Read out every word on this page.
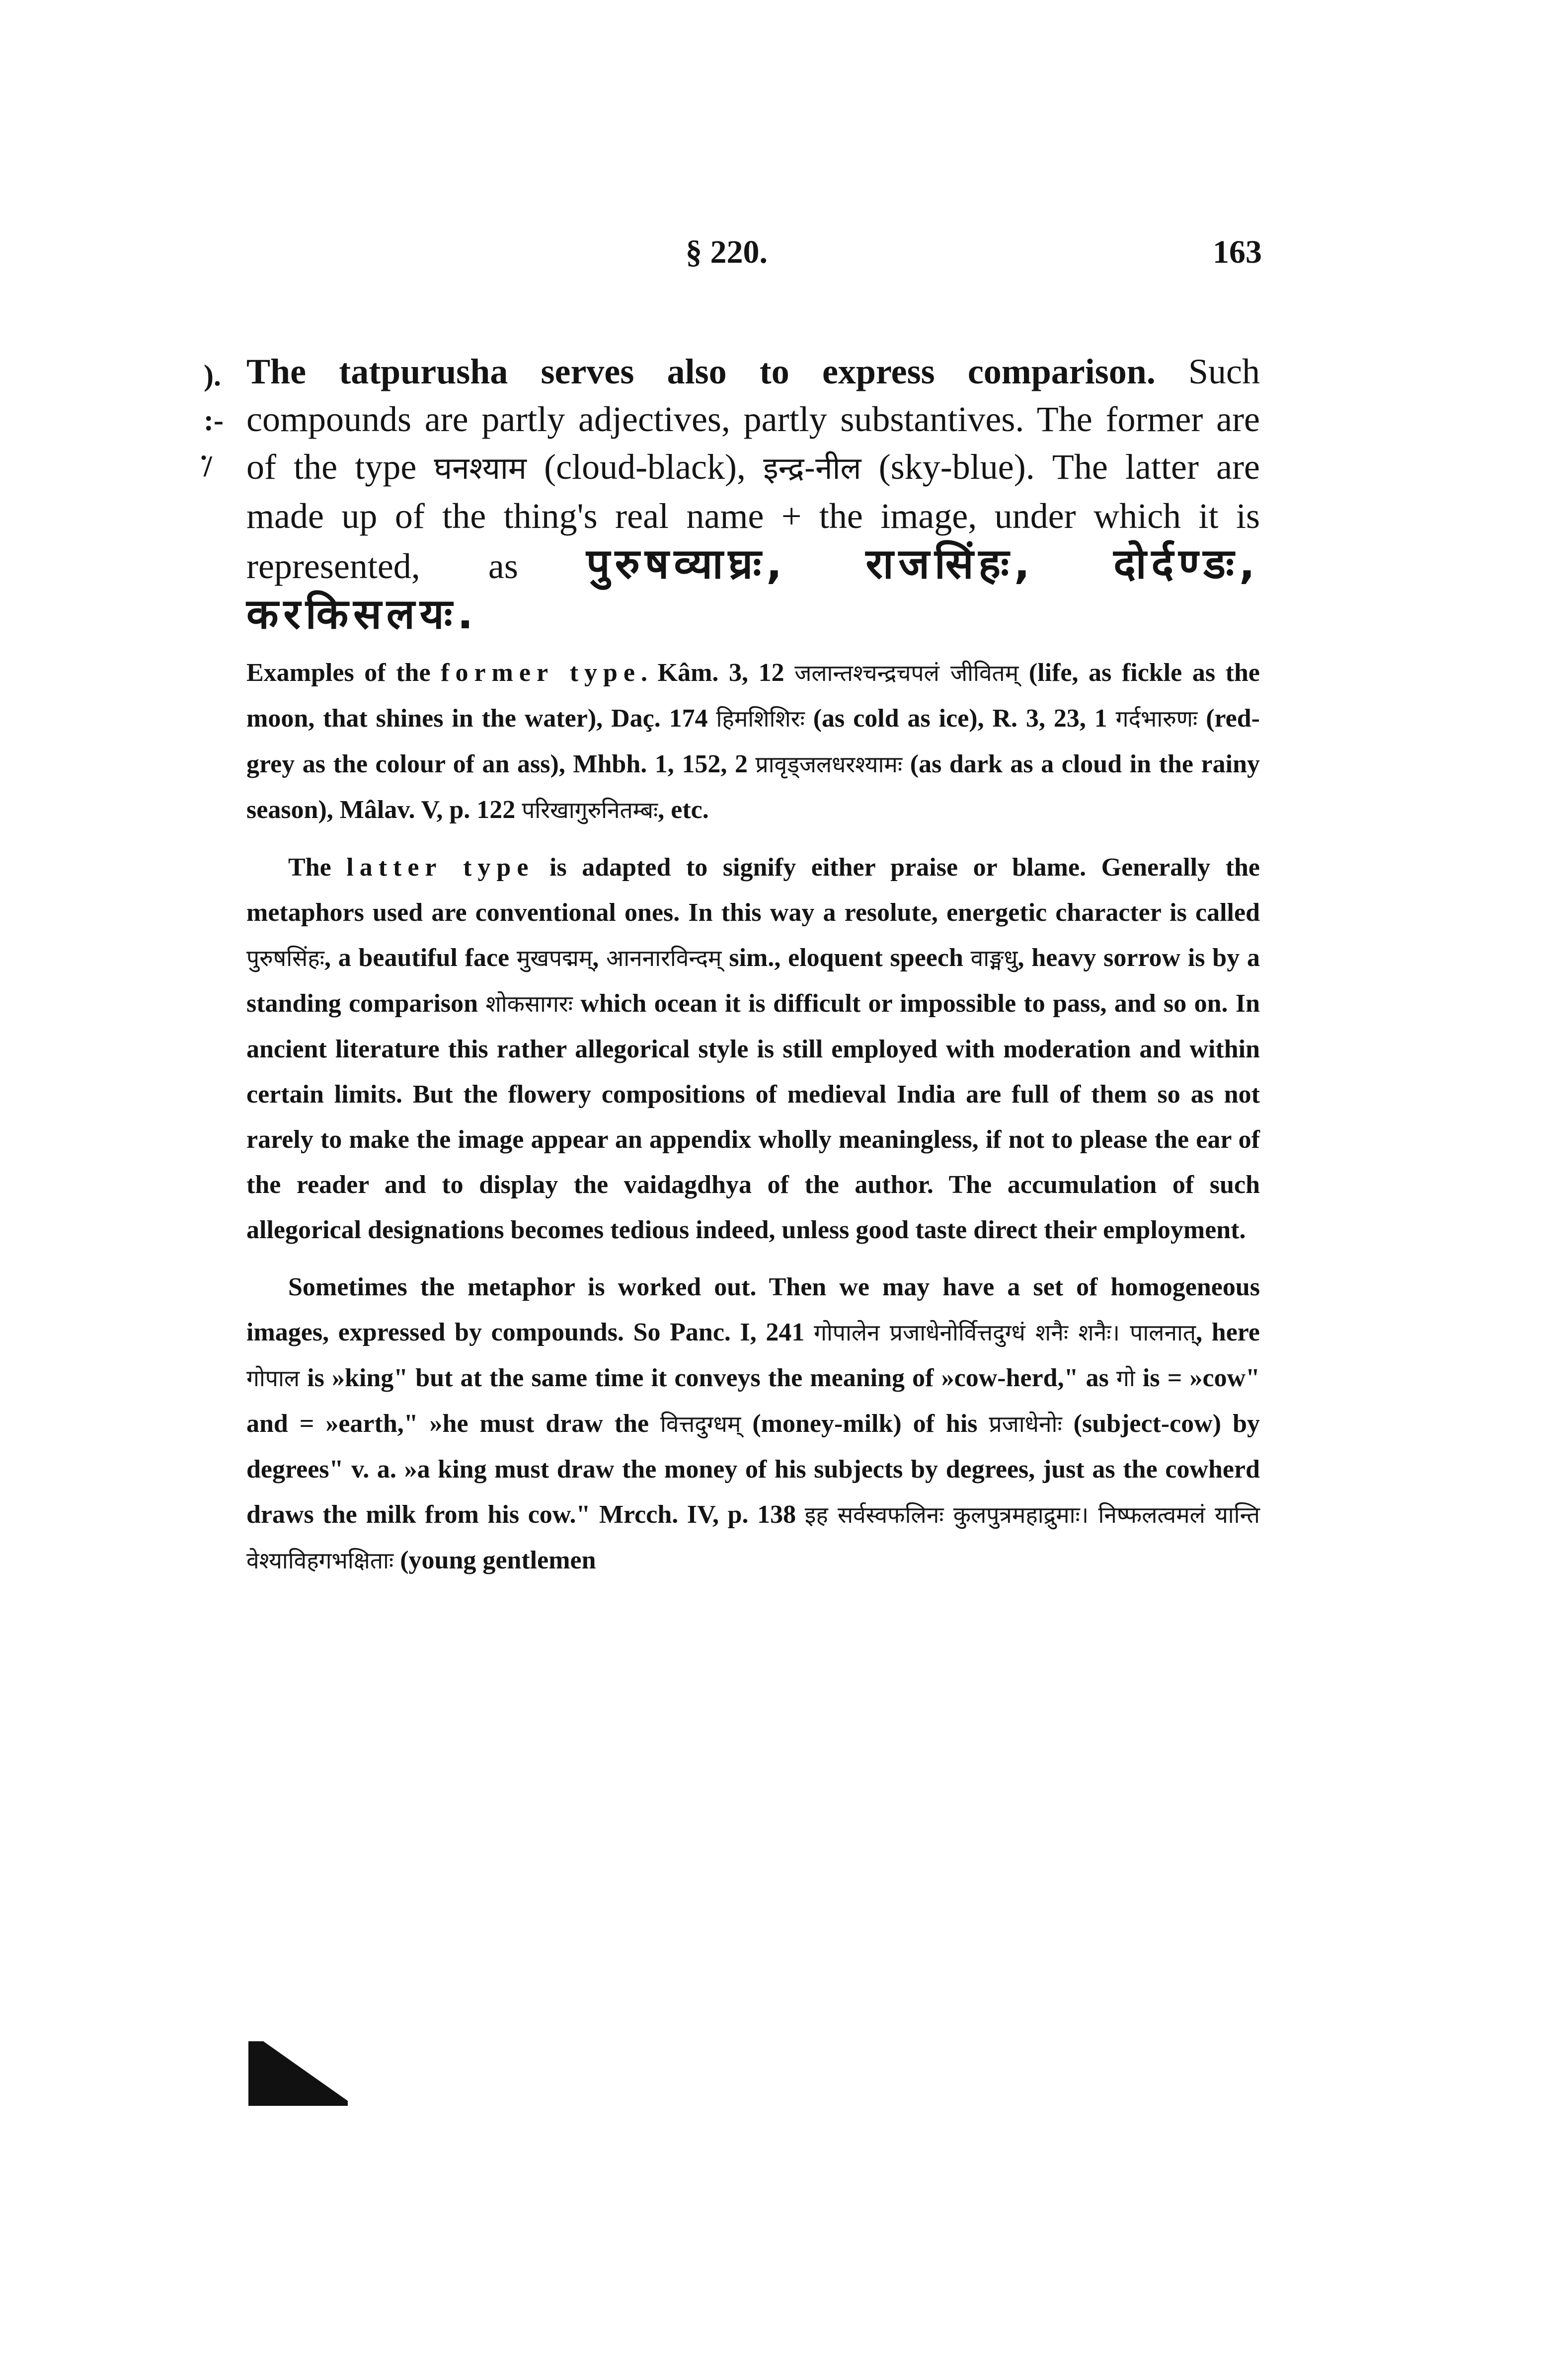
§ 220.	163
).
:-
̇/

The tatpurusha serves also to express comparison. Such compounds are partly adjectives, partly substantives. The former are of the type घनश्याम (cloud-black), इन्द्र-नील (sky-blue). The latter are made up of the thing's real name + the image, under which it is represented, as पुरुषव्याघ्रः, राजसिंहः, दोर्दण्डः, करकिसलयः.

Examples of the former type. Kâm. 3, 12 जलान्तश्चन्द्रचपलं जीवितम् (life, as fickle as the moon, that shines in the water), Daç. 174 हिमशिशिरः (as cold as ice), R. 3, 23, 1 गर्दभारुणः (red-grey as the colour of an ass), Mhbh. 1, 152, 2 प्रावृड्जलधरश्यामः (as dark as a cloud in the rainy season), Mâlav. V, p. 122 परिखागुरुनितम्बः, etc.

The latter type is adapted to signify either praise or blame. Generally the metaphors used are conventional ones. In this way a resolute, energetic character is called पुरुषसिंहः, a beautiful face मुखपद्मम्, आननारविन्दम् sim., eloquent speech वाङ्मधु, heavy sorrow is by a standing comparison शोकसागरः which ocean it is difficult or impossible to pass, and so on. In ancient literature this rather allegorical style is still employed with moderation and within certain limits. But the flowery compositions of medieval India are full of them so as not rarely to make the image appear an appendix wholly meaningless, if not to please the ear of the reader and to display the vaidagdhya of the author. The accumulation of such allegorical designations becomes tedious indeed, unless good taste direct their employment.

Sometimes the metaphor is worked out. Then we may have a set of homogeneous images, expressed by compounds. So Panc. I, 241 गोपालेन प्रजाधेनोर्वित्तदुग्धं शनैः शनैः। पालनात्, here गोपाल is »king" but at the same time it conveys the meaning of »cow-herd," as गो is = »cow" and = »earth," »he must draw the वित्तदुग्धम् (money-milk) of his प्रजाधेनोः (subject-cow) by degrees" v. a. »a king must draw the money of his subjects by degrees, just as the cowherd draws the milk from his cow." Mrcch. IV, p. 138 इह सर्वस्वफलिनः कुलपुत्रमहाद्रुमाः। निष्फलत्वमलं यान्ति वेश्याविहगभक्षिताः (young gentlemen
